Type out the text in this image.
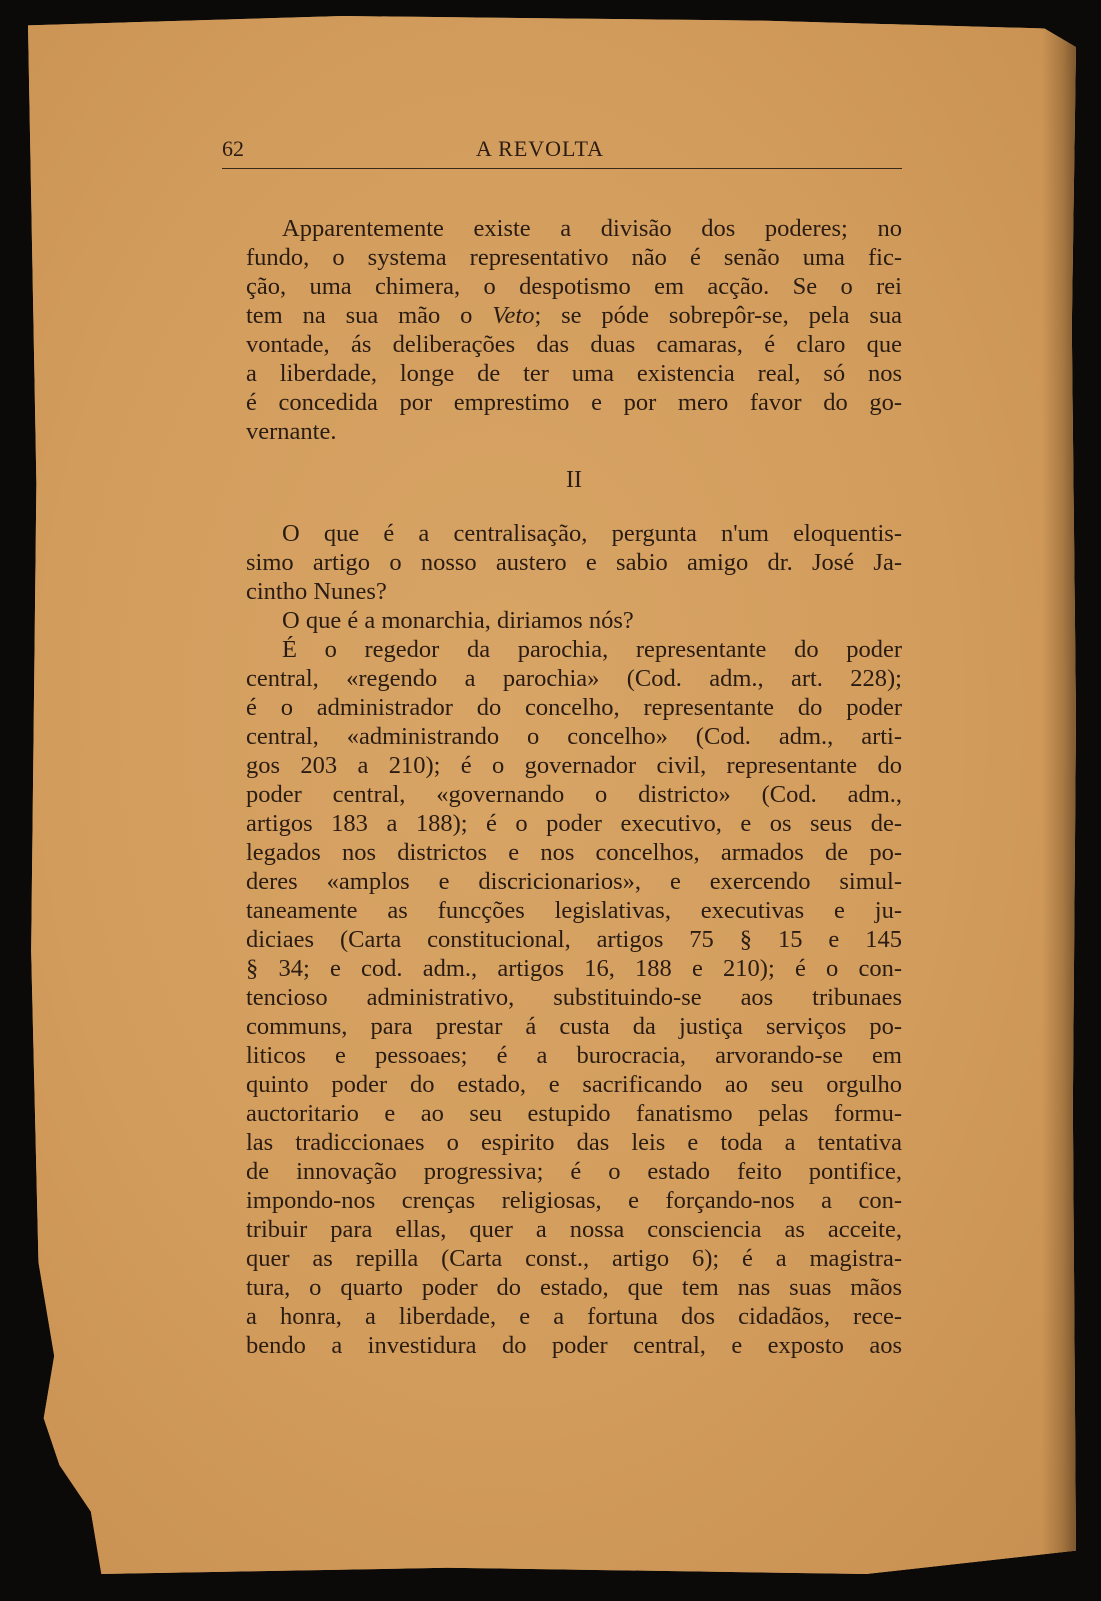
62	A REVOLTA
Apparentemente existe a divisão dos poderes; no
fundo, o systema representativo não é senão uma fic-
ção, uma chimera, o despotismo em acção. Se o rei
tem na sua mão o Veto; se póde sobrepôr-se, pela sua
vontade, ás deliberações das duas camaras, é claro que
a liberdade, longe de ter uma existencia real, só nos
é concedida por emprestimo e por mero favor do go-
vernante.
II
O que é a centralisação, pergunta n'um eloquentis-
simo artigo o nosso austero e sabio amigo dr. José Ja-
cintho Nunes?
O que é a monarchia, diriamos nós?
É o regedor da parochia, representante do poder
central, «regendo a parochia» (Cod. adm., art. 228);
é o administrador do concelho, representante do poder
central, «administrando o concelho» (Cod. adm., arti-
gos 203 a 210); é o governador civil, representante do
poder central, «governando o districto» (Cod. adm.,
artigos 183 a 188); é o poder executivo, e os seus de-
legados nos districtos e nos concelhos, armados de po-
deres «amplos e discricionarios», e exercendo simul-
taneamente as funcções legislativas, executivas e ju-
diciaes (Carta constitucional, artigos 75 § 15 e 145
§ 34; e cod. adm., artigos 16, 188 e 210); é o con-
tencioso administrativo, substituindo-se aos tribunaes
communs, para prestar á custa da justiça serviços po-
liticos e pessoaes; é a burocracia, arvorando-se em
quinto poder do estado, e sacrificando ao seu orgulho
auctoritario e ao seu estupido fanatismo pelas formu-
las tradiccionaes o espirito das leis e toda a tentativa
de innovação progressiva; é o estado feito pontifice,
impondo-nos crenças religiosas, e forçando-nos a con-
tribuir para ellas, quer a nossa consciencia as acceite,
quer as repilla (Carta const., artigo 6); é a magistra-
tura, o quarto poder do estado, que tem nas suas mãos
a honra, a liberdade, e a fortuna dos cidadãos, rece-
bendo a investidura do poder central, e exposto aos
